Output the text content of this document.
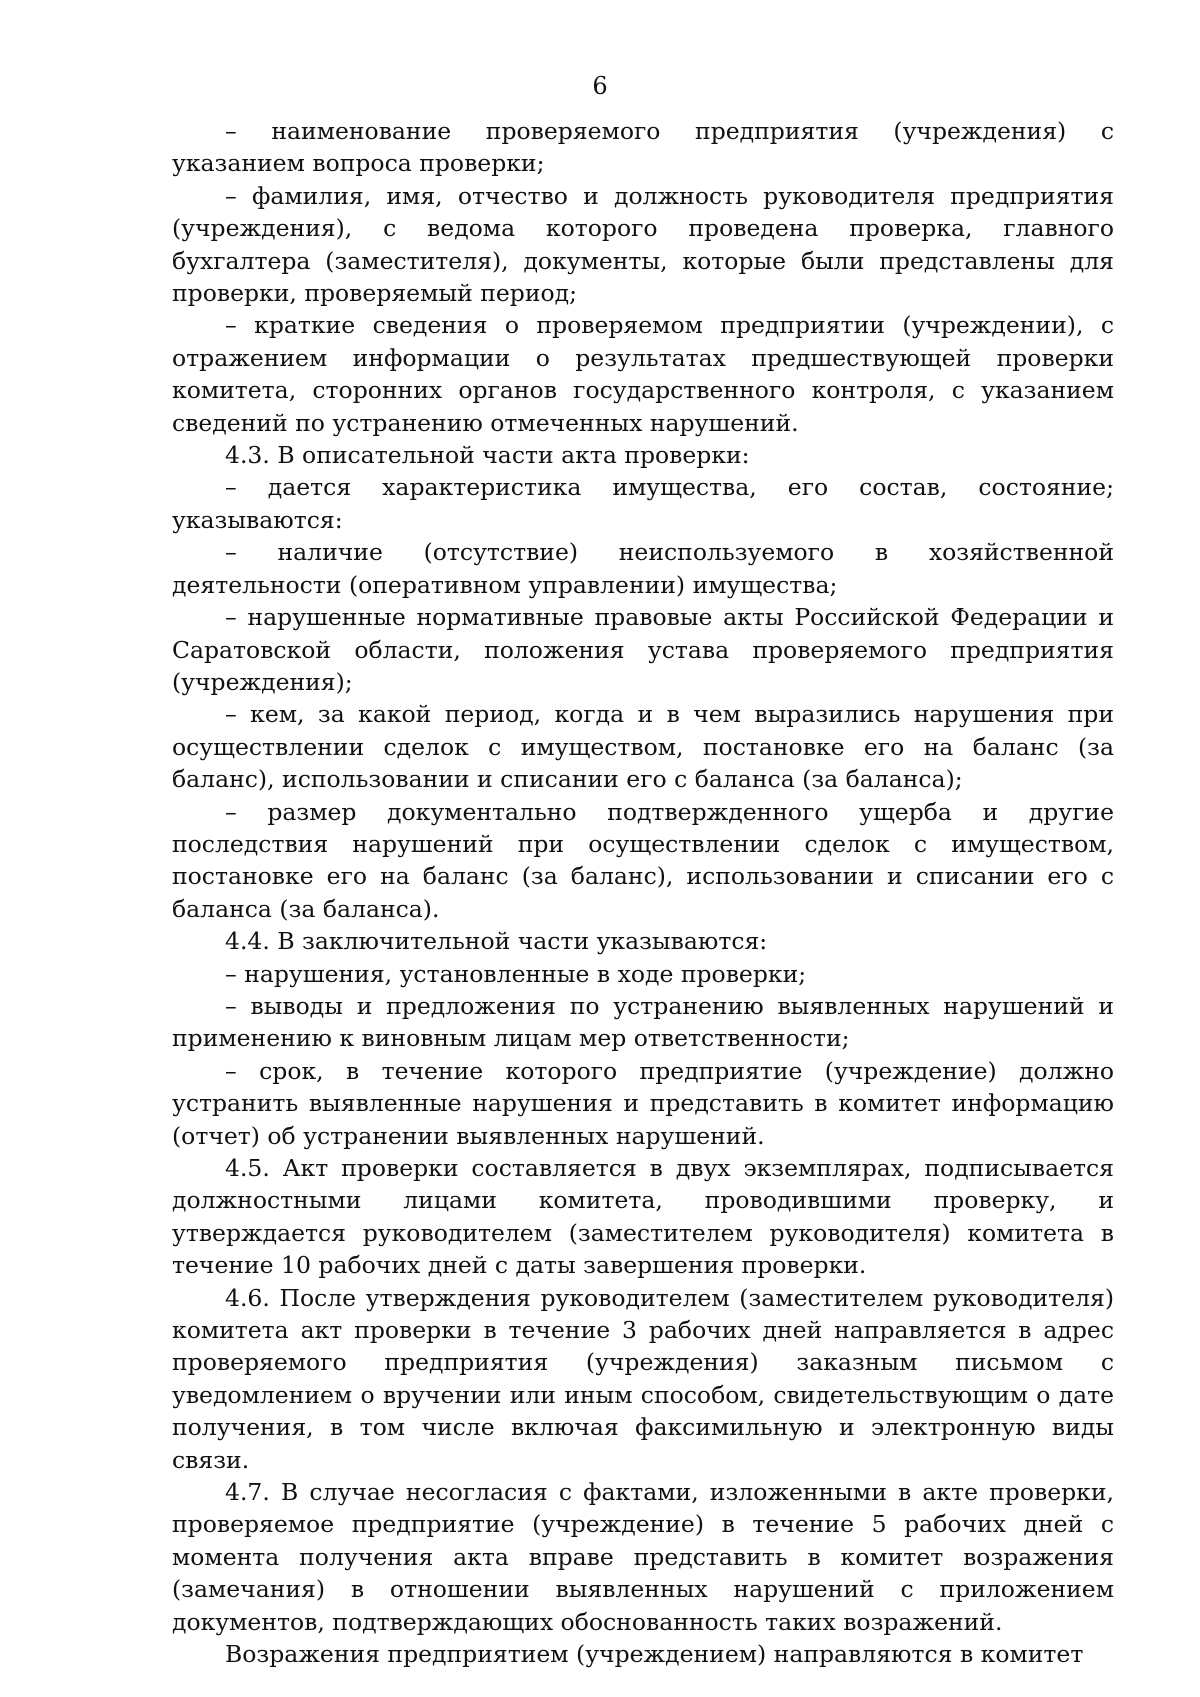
6

– наименование проверяемого предприятия (учреждения) с указанием вопроса проверки;

– фамилия, имя, отчество и должность руководителя предприятия (учреждения), с ведома которого проведена проверка, главного бухгалтера (заместителя), документы, которые были представлены для проверки, проверяемый период;

– краткие сведения о проверяемом предприятии (учреждении), с отражением информации о результатах предшествующей проверки комитета, сторонних органов государственного контроля, с указанием сведений по устранению отмеченных нарушений.

4.3. В описательной части акта проверки:

– дается характеристика имущества, его состав, состояние; указываются:

– наличие (отсутствие) неиспользуемого в хозяйственной деятельности (оперативном управлении) имущества;

– нарушенные нормативные правовые акты Российской Федерации и Саратовской области, положения устава проверяемого предприятия (учреждения);

– кем, за какой период, когда и в чем выразились нарушения при осуществлении сделок с имуществом, постановке его на баланс (за баланс), использовании и списании его с баланса (за баланса);

– размер документально подтвержденного ущерба и другие последствия нарушений при осуществлении сделок с имуществом, постановке его на баланс (за баланс), использовании и списании его с баланса (за баланса).

4.4. В заключительной части указываются:

– нарушения, установленные в ходе проверки;

– выводы и предложения по устранению выявленных нарушений и применению к виновным лицам мер ответственности;

– срок, в течение которого предприятие (учреждение) должно устранить выявленные нарушения и представить в комитет информацию (отчет) об устранении выявленных нарушений.

4.5. Акт проверки составляется в двух экземплярах, подписывается должностными лицами комитета, проводившими проверку, и утверждается руководителем (заместителем руководителя) комитета в течение 10 рабочих дней с даты завершения проверки.

4.6. После утверждения руководителем (заместителем руководителя) комитета акт проверки в течение 3 рабочих дней направляется в адрес проверяемого предприятия (учреждения) заказным письмом с уведомлением о вручении или иным способом, свидетельствующим о дате получения, в том числе включая факсимильную и электронную виды связи.

4.7. В случае несогласия с фактами, изложенными в акте проверки, проверяемое предприятие (учреждение) в течение 5 рабочих дней с момента получения акта вправе представить в комитет возражения (замечания) в отношении выявленных нарушений с приложением документов, подтверждающих обоснованность таких возражений.

Возражения предприятием (учреждением) направляются в комитет
